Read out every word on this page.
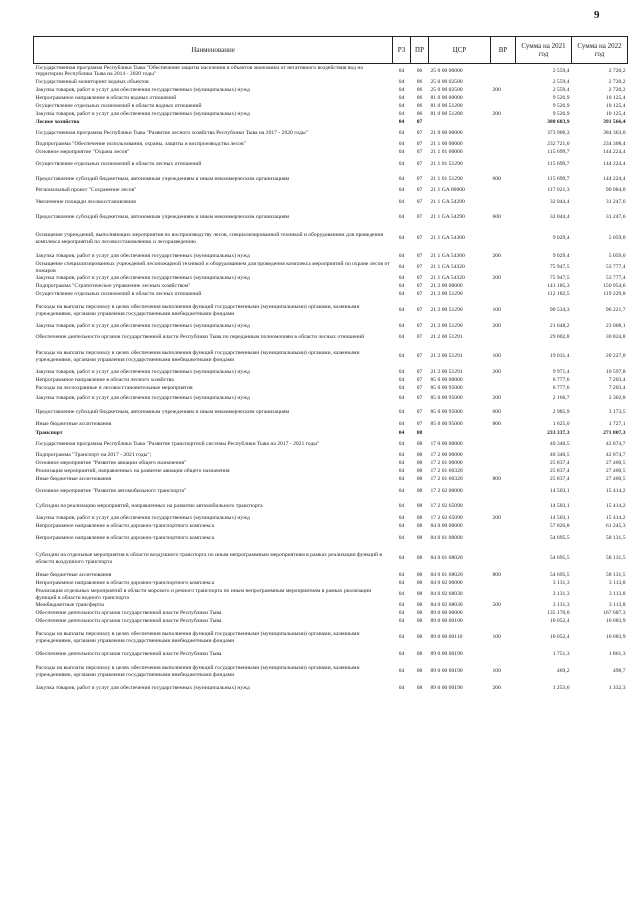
9
Наименование	РЗ	ПР	ЦСР	ВР	Сумма на 2021 год	Сумма на 2022 год
Государственная программа Республики Тыва "Обеспечение защиты населения и объектов экономики от негативного воздействия вод на территории Республики Тыва на 2014 - 2020 годы"	04	06	25 0 00 00000		2 559,4	2 720,2
Государственный мониторинг водных объектов	04	06	25 0 00 02500		2 559,4	2 720,2
Закупка товаров, работ и услуг для обеспечения государственных (муниципальных) нужд	04	06	25 0 00 02500	200	2 559,4	2 720,2
Непрограммное направление в области водных отношений	04	06	81 0 00 00000		9 526,9	10 125,4
Осуществление отдельных полномочий в области водных отношений	04	06	81 0 00 51280		9 526,9	10 125,4
Закупка товаров, работ и услуг для обеспечения государственных (муниципальных) нужд	04	06	81 0 00 51280	200	9 526,9	10 125,4
Лесное хозяйство	04	07			380 683,9	391 566,4
Государственная программа Республики Тыва "Развитие лесного хозяйства Республики Тыва на 2017 - 2020 годы"	04	07	21 0 00 00000		373 906,3	384 363,0
Подпрограмма "Обеспечение использования, охраны, защиты и воспроизводства лесов"	04	07	21 1 00 00000		232 721,0	234 308,4
Основное мероприятие "Охрана лесов"	04	07	21 1 01 00000		115 699,7	144 224,4
Осуществление отдельных полномочий в области лесных отношений	04	07	21 1 01 51290		115 699,7	144 224,4
Предоставление субсидий бюджетным, автономным учреждениям и иным некоммерческим организациям	04	07	21 1 01 51290	600	115 699,7	144 224,4
Региональный проект "Сохранение лесов"	04	07	21 1 GA 00000		117 021,3	90 084,0
Увеличение площади лесовосстановления	04	07	21 1 GA 54290		32 044,4	31 247,6
Предоставление субсидий бюджетным, автономным учреждениям и иным некоммерческим организациям	04	07	21 1 GA 54290	600	32 044,4	31 247,6
Оснащение учреждений, выполняющих мероприятия по воспроизводству лесов, специализированной техникой и оборудованием для проведения комплекса мероприятий по лесовосстановлению и лесоразведению	04	07	21 1 GA 54300		9 029,4	5 059,0
Закупка товаров, работ и услуг для обеспечения государственных (муниципальных) нужд	04	07	21 1 GA 54300	200	9 029,4	5 059,0
Оснащение специализированных учреждений лесопожарной техникой и оборудованием для проведения комплекса мероприятий по охране лесов от пожаров	04	07	21 1 GA 54320		75 947,5	53 777,4
Закупка товаров, работ и услуг для обеспечения государственных (муниципальных) нужд	04	07	21 1 GA 54320	200	75 947,5	53 777,4
Подпрограмма "Стратегическое управление лесным хозяйством"	04	07	21 2 00 00000		141 185,3	150 054,6
Осуществление отдельных полномочий в области лесных отношений	04	07	21 2 00 51290		112 182,5	119 229,8
Расходы на выплаты персоналу в целях обеспечения выполнения функций государственными (муниципальными) органами, казенными учреждениями, органами управления государственными внебюджетными фондами	04	07	21 2 00 51290	100	90 534,3	96 221,7
Закупка товаров, работ и услуг для обеспечения государственных (муниципальных) нужд	04	07	21 2 00 51290	200	21 648,2	23 008,1
Обеспечение деятельности органов государственной власти Республики Тыва по переданным полномочиям в области лесных отношений	04	07	21 2 00 51291		29 002,8	30 824,8
Расходы на выплаты персоналу в целях обеспечения выполнения функций государственными (муниципальными) органами, казенными учреждениями, органами управления государственными внебюджетными фондами	04	07	21 2 00 51291	100	19 031,4	20 227,0
Закупка товаров, работ и услуг для обеспечения государственных (муниципальных) нужд	04	07	21 2 00 51291	200	9 971,4	10 597,8
Непрограммное направление в области лесного хозяйства	04	07	85 0 00 00000		6 777,6	7 203,4
Расходы на лесоохранные и лесовосстановительные мероприятия	04	07	85 0 00 95000		6 777,6	7 203,4
Закупка товаров, работ и услуг для обеспечения государственных (муниципальных) нужд	04	07	85 0 00 95000	200	2 166,7	2 302,8
Предоставление субсидий бюджетным, автономным учреждениям и иным некоммерческим организациям	04	07	85 0 00 95000	600	2 985,9	3 173,5
Иные бюджетные ассигнования	04	07	85 0 00 95000	800	1 625,0	1 727,1
Транспорт	04	08			233 337,3	271 807,3
Государственная программа Республики Тыва "Развитие транспортной системы Республики Тыва на 2017 - 2021 годы"	04	08	17 0 00 00000		40 340,5	42 874,7
Подпрограмма "Транспорт на 2017 - 2021 годы";	04	08	17 2 00 00000		40 340,5	42 874,7
Основное мероприятие "Развитие авиации общего назначения"	04	08	17 2 01 00000		25 837,4	27 460,5
Реализация мероприятий, направленных на развитие авиации общего назначения	04	08	17 2 01 60320		25 837,4	27 460,5
Иные бюджетные ассигнования	04	08	17 2 01 60320	800	25 837,4	27 460,5
Основное мероприятие "Развитие автомобильного транспорта"	04	08	17 2 02 00000		14 503,1	15 414,2
Субсидии на реализацию мероприятий, направленных на развитие автомобильного транспорта	04	08	17 2 02 65090		14 503,1	15 414,2
Закупка товаров, работ и услуг для обеспечения государственных (муниципальных) нужд	04	08	17 2 02 65090	200	14 503,1	15 414,2
Непрограммное направление в области дорожно-транспортного комплекса	04	08	84 0 00 00000		57 826,8	61 245,3
Непрограммное направление в области дорожно-транспортного комплекса	04	08	84 0 01 00000		54 695,5	58 131,5
Субсидии на отдельные мероприятия в области воздушного транспорта по иным непрограммным мероприятиям в рамках реализации функций в области воздушного транспорта	04	08	84 0 01 68020		54 695,5	58 131,5
Иные бюджетные ассигнования	04	08	84 0 01 68020	800	54 695,5	58 131,5
Непрограммное направление в области дорожно-транспортного комплекса	04	08	84 0 02 00000		3 131,3	3 113,8
Реализация отдельных мероприятий в области морского и речного транспорта по иным непрограммным мероприятиям в рамках реализации функций в области водного транспорта	04	08	84 0 02 68030		3 131,3	3 113,8
Межбюджетные трансферты	04	08	84 0 02 68030	500	3 131,3	3 113,8
Обеспечение деятельности органов государственной власти Республики Тыва	04	08	89 0 00 00000		135 170,0	167 687,3
Обеспечение деятельности органов государственной власти Республики Тыва	04	08	89 0 00 00100		10 052,4	10 683,9
Расходы на выплаты персоналу в целях обеспечения выполнения функций государственными (муниципальными) органами, казенными учреждениями, органами управления государственными внебюджетными фондами	04	08	89 0 00 00110	100	10 052,4	10 683,9
Обеспечение деятельности органов государственной власти Республики Тыва	04	08	89 0 00 00190		1 751,3	1 861,3
Расходы на выплаты персоналу в целях обеспечения выполнения функций государственными (муниципальными) органами, казенными учреждениями, органами управления государственными внебюджетными фондами	04	08	89 0 00 00190	100	469,2	498,7
Закупка товаров, работ и услуг для обеспечения государственных (муниципальных) нужд	04	08	89 0 00 00190	200	1 253,6	1 332,3
